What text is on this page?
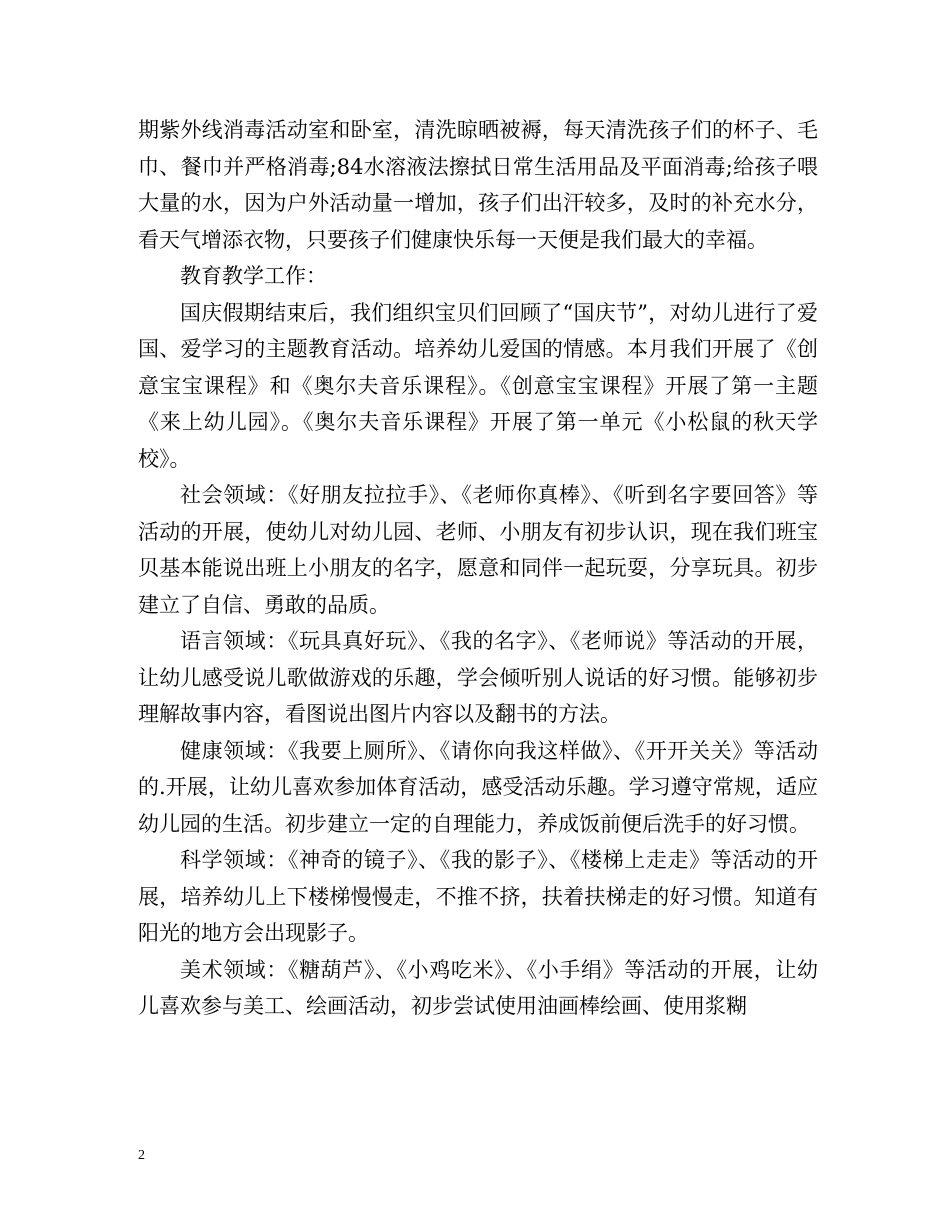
期紫外线消毒活动室和卧室，清洗晾晒被褥，每天清洗孩子们的杯子、毛巾、餐巾并严格消毒;84水溶液法擦拭日常生活用品及平面消毒;给孩子喂大量的水，因为户外活动量一增加，孩子们出汗较多，及时的补充水分，看天气增添衣物，只要孩子们健康快乐每一天便是我们最大的幸福。

教育教学工作：

国庆假期结束后，我们组织宝贝们回顾了“国庆节”，对幼儿进行了爱国、爱学习的主题教育活动。培养幼儿爱国的情感。本月我们开展了《创意宝宝课程》和《奥尔夫音乐课程》。《创意宝宝课程》开展了第一主题《来上幼儿园》。《奥尔夫音乐课程》开展了第一单元《小松鼠的秋天学校》。

社会领域：《好朋友拉拉手》、《老师你真棒》、《听到名字要回答》等活动的开展，使幼儿对幼儿园、老师、小朋友有初步认识，现在我们班宝贝基本能说出班上小朋友的名字，愿意和同伴一起玩耍，分享玩具。初步建立了自信、勇敢的品质。

语言领域：《玩具真好玩》、《我的名字》、《老师说》等活动的开展，让幼儿感受说儿歌做游戏的乐趣，学会倾听别人说话的好习惯。能够初步理解故事内容，看图说出图片内容以及翻书的方法。

健康领域：《我要上厕所》、《请你向我这样做》、《开开关关》等活动的.开展，让幼儿喜欢参加体育活动，感受活动乐趣。学习遵守常规，适应幼儿园的生活。初步建立一定的自理能力，养成饭前便后洗手的好习惯。

科学领域：《神奇的镜子》、《我的影子》、《楼梯上走走》等活动的开展，培养幼儿上下楼梯慢慢走，不推不挤，扶着扶梯走的好习惯。知道有阳光的地方会出现影子。

美术领域：《糖葫芦》、《小鸡吃米》、《小手绢》等活动的开展，让幼儿喜欢参与美工、绘画活动，初步尝试使用油画棒绘画、使用浆糊

2
